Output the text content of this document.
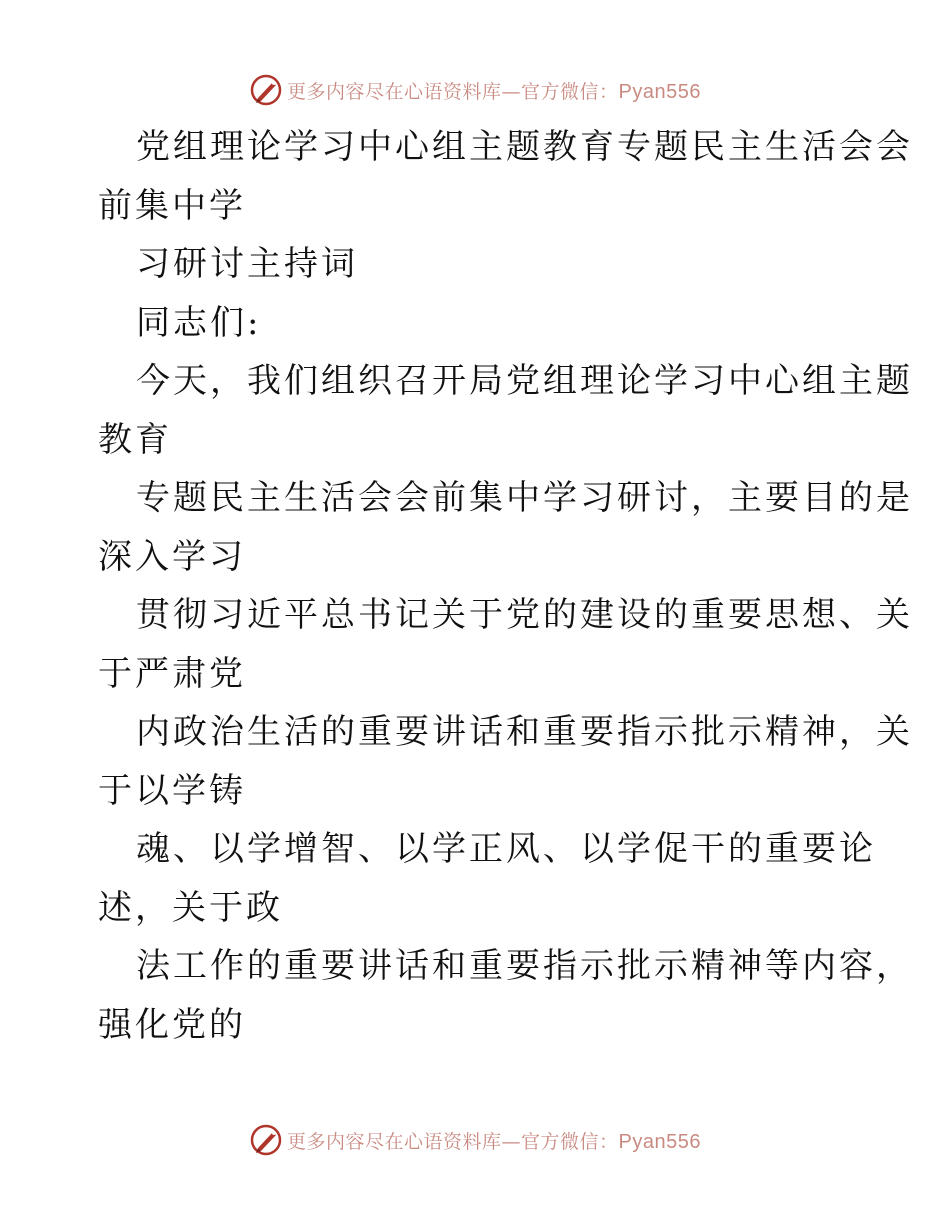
更多内容尽在心语资料库—官方微信：Pyan556
党组理论学习中心组主题教育专题民主生活会会
前集中学
习研讨主持词
同志们:
今天，我们组织召开局党组理论学习中心组主题
教育
专题民主生活会会前集中学习研讨，主要目的是
深入学习
贯彻习近平总书记关于党的建设的重要思想、关
于严肃党
内政治生活的重要讲话和重要指示批示精神，关
于以学铸
魂、以学增智、以学正风、以学促干的重要论
述，关于政
法工作的重要讲话和重要指示批示精神等内容，
强化党的
更多内容尽在心语资料库—官方微信：Pyan556
